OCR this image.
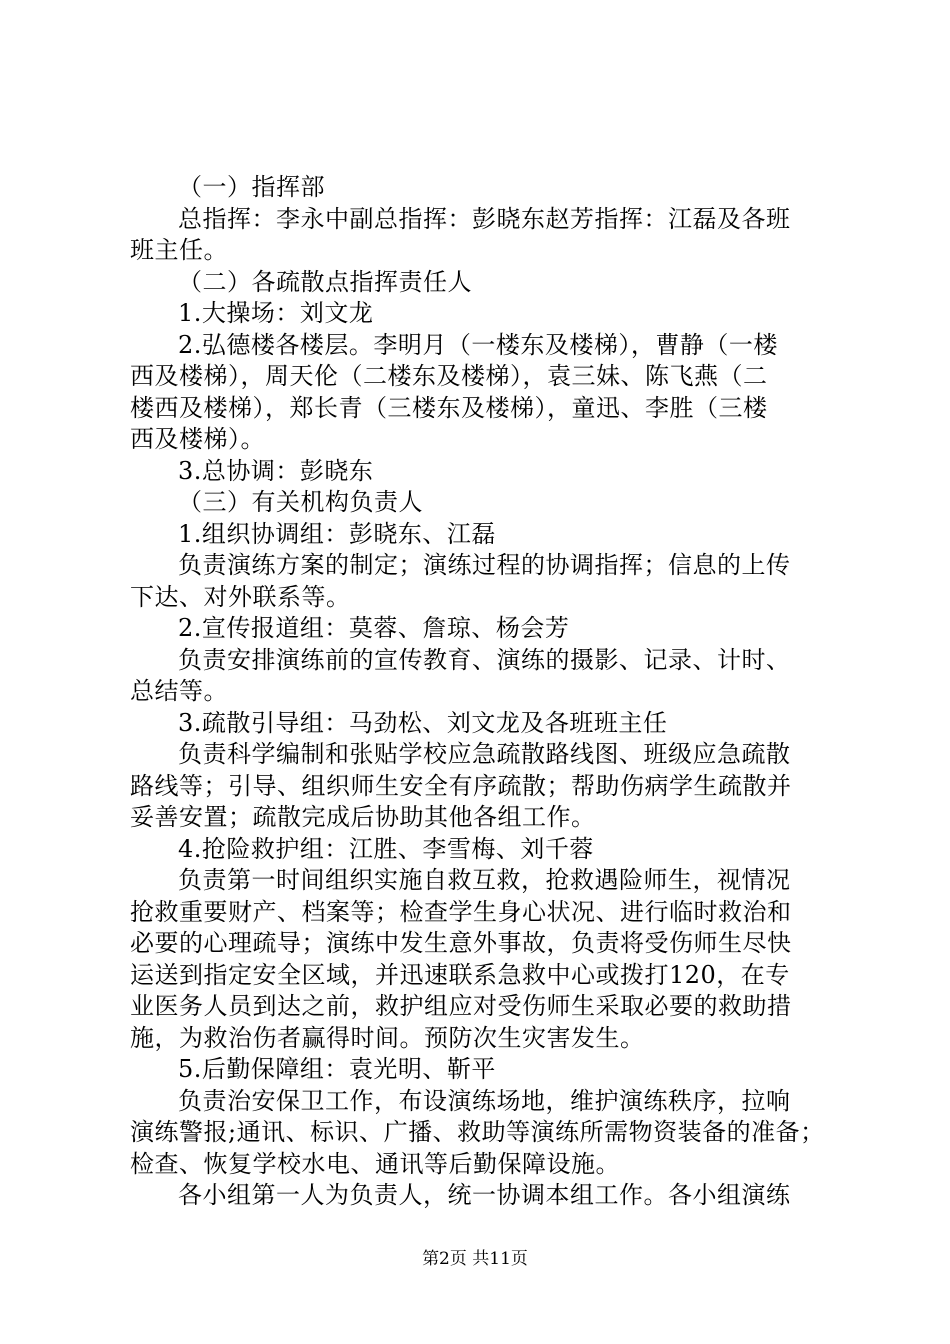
（一）指挥部
总指挥：李永中副总指挥：彭晓东赵芳指挥：江磊及各班
班主任。
（二）各疏散点指挥责任人
1.大操场：刘文龙
2.弘德楼各楼层。李明月（一楼东及楼梯），曹静（一楼
西及楼梯），周天伦（二楼东及楼梯），袁三妹、陈飞燕（二
楼西及楼梯），郑长青（三楼东及楼梯），童迅、李胜（三楼
西及楼梯）。
3.总协调：彭晓东
（三）有关机构负责人
1.组织协调组：彭晓东、江磊
负责演练方案的制定；演练过程的协调指挥；信息的上传
下达、对外联系等。
2.宣传报道组：莫蓉、詹琼、杨会芳
负责安排演练前的宣传教育、演练的摄影、记录、计时、
总结等。
3.疏散引导组：马劲松、刘文龙及各班班主任
负责科学编制和张贴学校应急疏散路线图、班级应急疏散
路线等；引导、组织师生安全有序疏散；帮助伤病学生疏散并
妥善安置；疏散完成后协助其他各组工作。
4.抢险救护组：江胜、李雪梅、刘千蓉
负责第一时间组织实施自救互救，抢救遇险师生，视情况
抢救重要财产、档案等；检查学生身心状况、进行临时救治和
必要的心理疏导；演练中发生意外事故，负责将受伤师生尽快
运送到指定安全区域，并迅速联系急救中心或拨打120，在专
业医务人员到达之前，救护组应对受伤师生采取必要的救助措
施，为救治伤者赢得时间。预防次生灾害发生。
5.后勤保障组：袁光明、靳平
负责治安保卫工作，布设演练场地，维护演练秩序，拉响
演练警报;通讯、标识、广播、救助等演练所需物资装备的准备；
检查、恢复学校水电、通讯等后勤保障设施。
各小组第一人为负责人，统一协调本组工作。各小组演练
第2页 共11页
